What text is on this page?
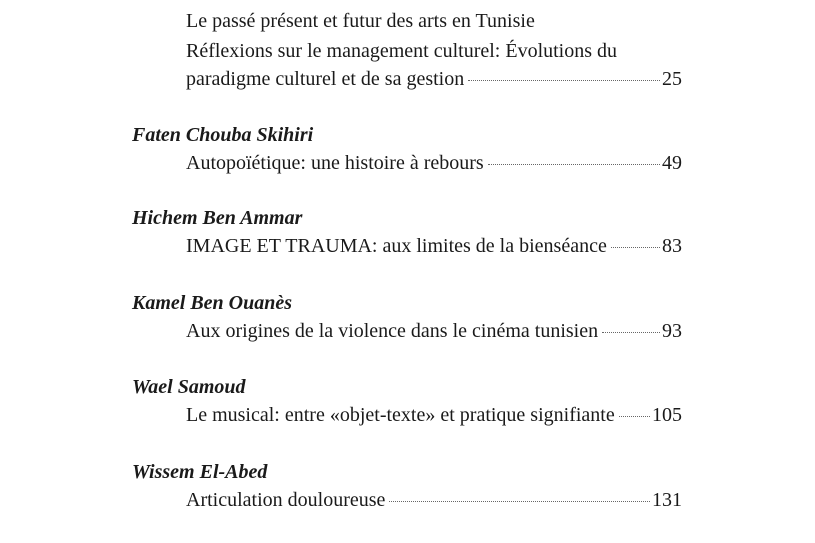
Le passé présent et futur des arts en Tunisie
Réflexions sur le management culturel: Évolutions du
paradigme culturel et de sa gestion	25
Faten Chouba Skihiri
Autopoïétique: une histoire à rebours	49
Hichem Ben Ammar
IMAGE ET TRAUMA: aux limites de la bienséance	83
Kamel Ben Ouanès
Aux origines de la violence dans le cinéma tunisien	93
Wael Samoud
Le musical: entre «objet-texte» et pratique signifiante 105
Wissem El-Abed
Articulation douloureuse	131
